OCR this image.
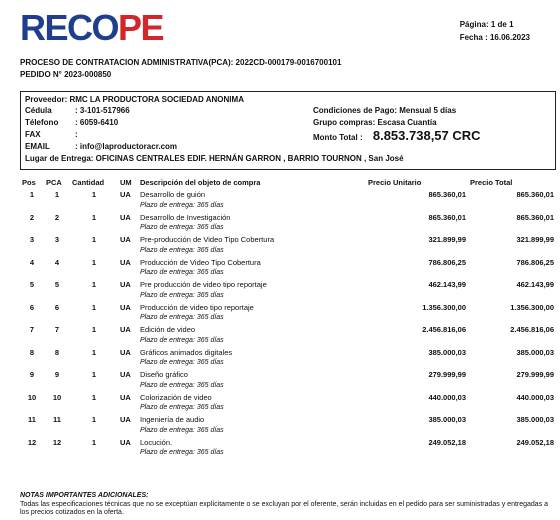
RECOPE	Página: 1 de 1
Fecha : 16.06.2023
PROCESO DE CONTRATACION ADMINISTRATIVA(PCA): 2022CD-000179-0016700101
PEDIDO N° 2023-000850
Proveedor: RMC LA PRODUCTORA SOCIEDAD ANONIMA
Cédula	: 3-101-517966
Télefono : 6059-6410
FAX	:
EMAIL	: info@laproductoracr.com
Lugar de Entrega: OFICINAS CENTRALES EDIF. HERNÁN GARRON , BARRIO TOURNON , San José
Condiciones de Pago: Mensual 5 días
Grupo compras: Escasa Cuantía
Monto Total : 8.853.738,57 CRC
Pos	PCA	Cantidad	UM	Descripción del objeto de compra	Precio Unitario	Precio Total
1	1	1	UA	Desarrollo de guión	865.360,01	865.360,01
				Plazo de entrega: 365 días		
2	2	1	UA	Desarrollo de Investigación	865.360,01	865.360,01
				Plazo de entrega: 365 días		
3	3	1	UA	Pre-producción de Video Tipo Cobertura	321.899,99	321.899,99
				Plazo de entrega: 365 días		
4	4	1	UA	Producción de Video Tipo Cobertura	786.806,25	786.806,25
				Plazo de entrega: 365 días		
5	5	1	UA	Pre producción de video tipo reportaje	462.143,99	462.143,99
				Plazo de entrega: 365 días		
6	6	1	UA	Producción de video tipo reportaje	1.356.300,00	1.356.300,00
				Plazo de entrega: 365 días		
7	7	1	UA	Edición de video	2.456.816,06	2.456.816,06
				Plazo de entrega: 365 días		
8	8	1	UA	Gráficos animados digitales	385.000,03	385.000,03
				Plazo de entrega: 365 días		
9	9	1	UA	Diseño gráfico	279.999,99	279.999,99
				Plazo de entrega: 365 días		
10	10	1	UA	Colorización de video	440.000,03	440.000,03
				Plazo de entrega: 365 días		
11	11	1	UA	Ingeniería de audio	385.000,03	385.000,03
				Plazo de entrega: 365 días		
12	12	1	UA	Locución.	249.052,18	249.052,18
				Plazo de entrega: 365 días		
NOTAS IMPORTANTES ADICIONALES:
Todas las especificaciones técnicas que no se exceptúan explícitamente o se excluyan por el oferente, serán incluidas en el pedido para ser suministradas y entregadas a los precios cotizados en la oferta.
